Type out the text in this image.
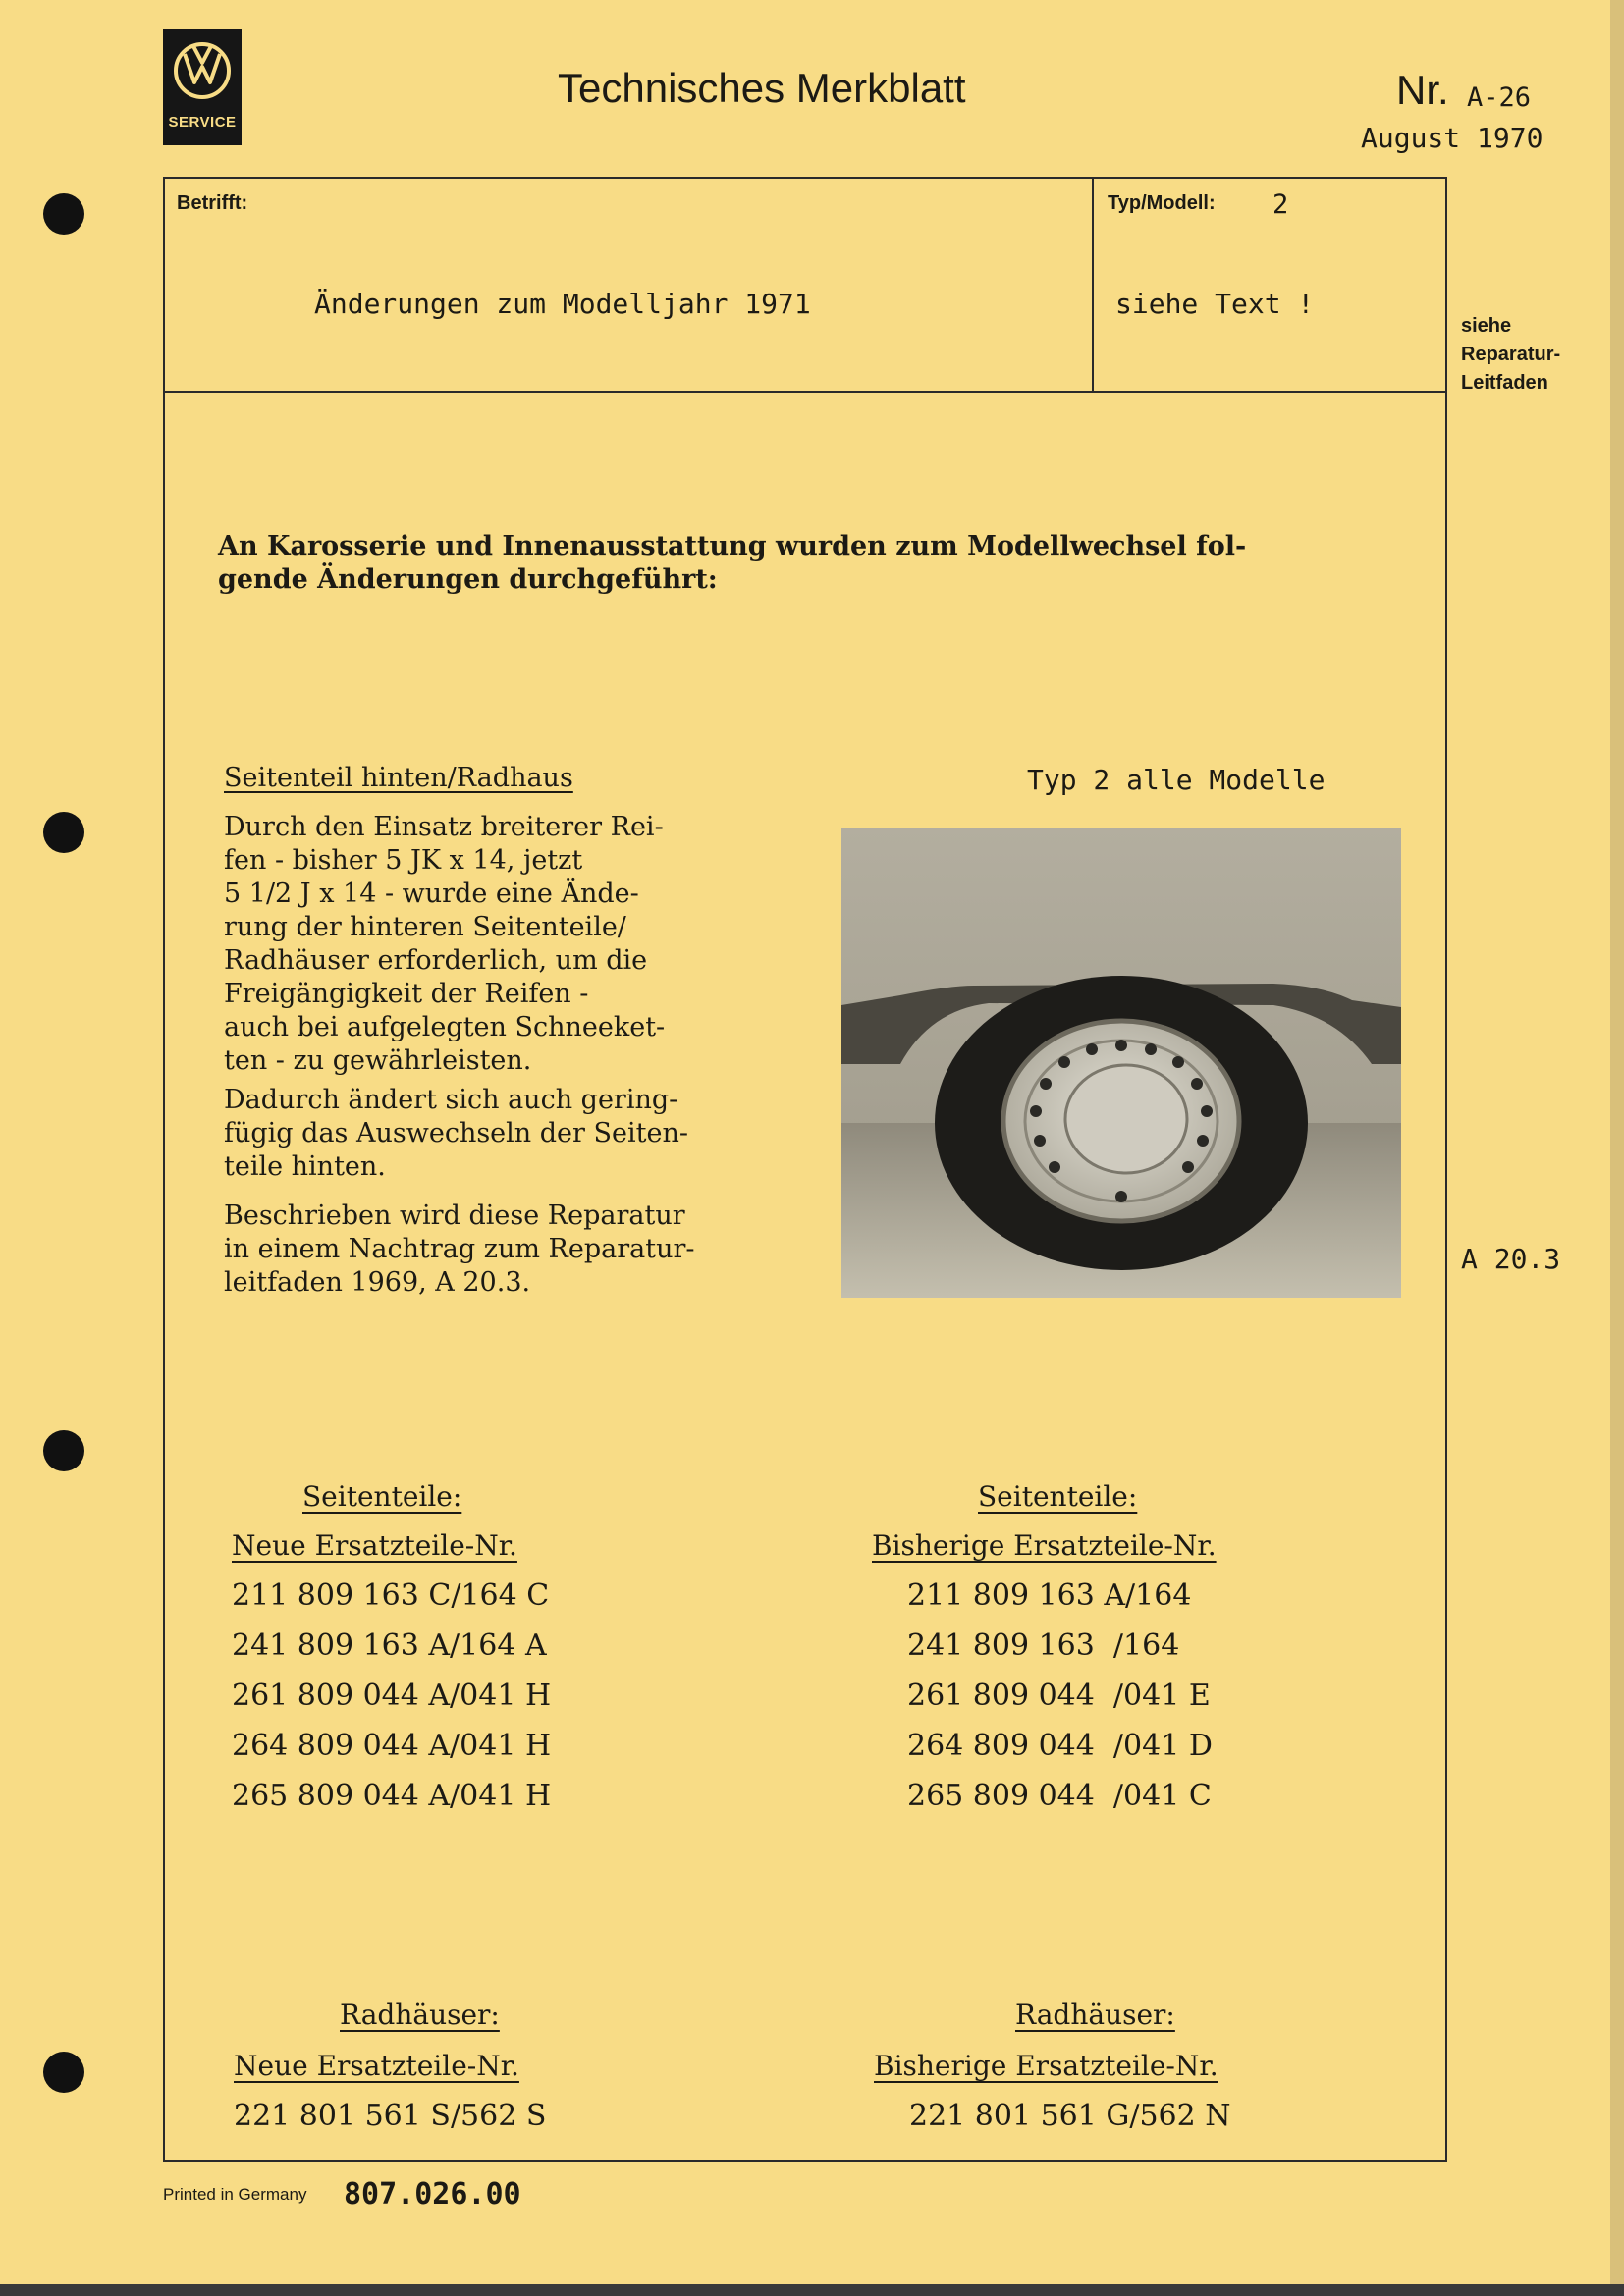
SERVICE
Technisches Merkblatt	Nr. A-26
August 1970
Betrifft:
Änderungen zum Modelljahr 1971
Typ/Modell: 2
siehe Text !
siehe
Reparatur-
Leitfaden
A 20.3
An Karosserie und Innenausstattung wurden zum Modellwechsel fol-
gende Änderungen durchgeführt:
Seitenteil hinten/Radhaus	Typ 2 alle Modelle
Durch den Einsatz breiterer Rei-
fen - bisher 5 JK x 14, jetzt
5 1/2 J x 14 - wurde eine Ände-
rung der hinteren Seitenteile/
Radhäuser erforderlich, um die
Freigängigkeit der Reifen -
auch bei aufgelegten Schneeket-
ten - zu gewährleisten.
Dadurch ändert sich auch gering-
fügig das Auswechseln der Seiten-
teile hinten.
Beschrieben wird diese Reparatur
in einem Nachtrag zum Reparatur-
leitfaden 1969, A 20.3.
Seitenteile:
Neue Ersatzteile-Nr.
211 809 163 C/164 C
241 809 163 A/164 A
261 809 044 A/041 H
264 809 044 A/041 H
265 809 044 A/041 H
Seitenteile:
Bisherige Ersatzteile-Nr.
211 809 163 A/164
241 809 163  /164
261 809 044  /041 E
264 809 044  /041 D
265 809 044  /041 C
Radhäuser:
Neue Ersatzteile-Nr.
221 801 561 S/562 S
Radhäuser:
Bisherige Ersatzteile-Nr.
221 801 561 G/562 N
Printed in Germany 807.026.00
